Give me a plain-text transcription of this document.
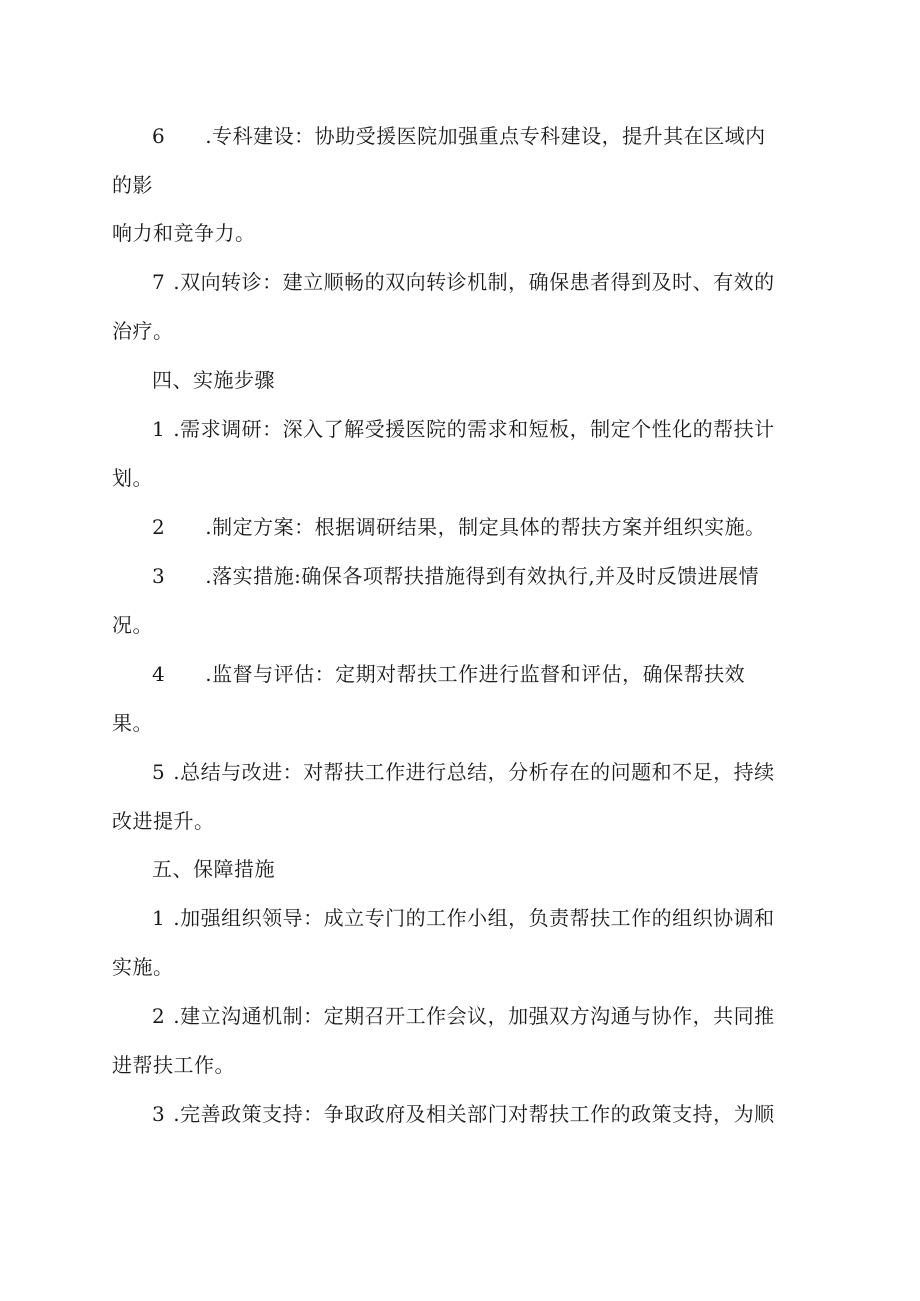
6 .专科建设：协助受援医院加强重点专科建设，提升其在区域内
的影
响力和竞争力。
7 .双向转诊：建立顺畅的双向转诊机制，确保患者得到及时、有效的
治疗。
四、实施步骤
1 .需求调研：深入了解受援医院的需求和短板，制定个性化的帮扶计
划。
2 .制定方案：根据调研结果，制定具体的帮扶方案并组织实施。
3 .落实措施:确保各项帮扶措施得到有效执行,并及时反馈进展情
况。
4 .监督与评估：定期对帮扶工作进行监督和评估，确保帮扶效
果。
5 .总结与改进：对帮扶工作进行总结，分析存在的问题和不足，持续
改进提升。
五、保障措施
1 .加强组织领导：成立专门的工作小组，负责帮扶工作的组织协调和
实施。
2 .建立沟通机制：定期召开工作会议，加强双方沟通与协作，共同推
进帮扶工作。
3 .完善政策支持：争取政府及相关部门对帮扶工作的政策支持，为顺
